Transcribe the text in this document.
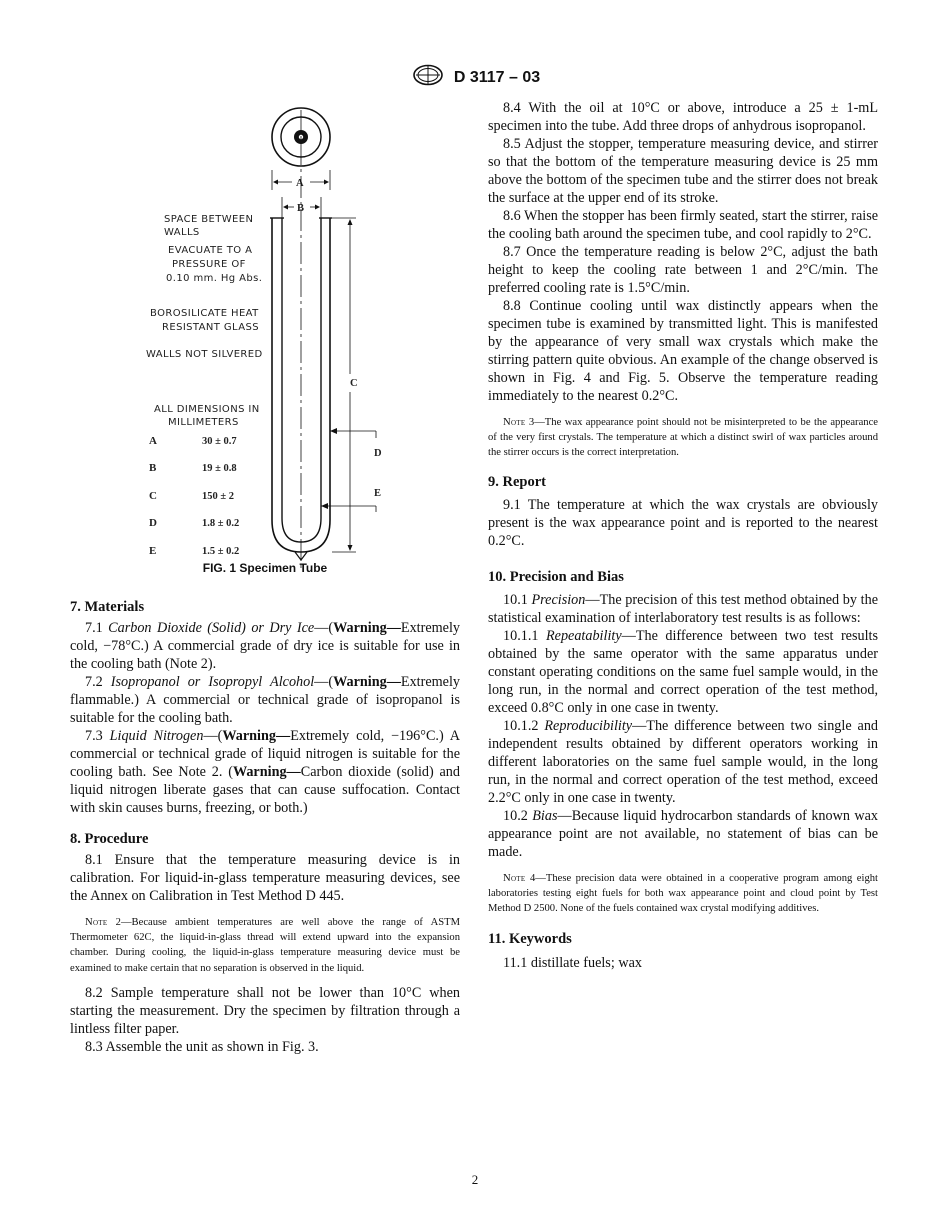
D 3117 – 03
A
B
C
D
E
SPACE BETWEEN
WALLS
EVACUATE TO A
PRESSURE OF
0.10 mm. Hg Abs.
BOROSILICATE HEAT
RESISTANT GLASS
WALLS NOT SILVERED
ALL DIMENSIONS IN
MILLIMETERS
A	30 ± 0.7
B	19 ± 0.8
C	150 ± 2
D	1.8 ± 0.2
E	1.5 ± 0.2
FIG. 1 Specimen Tube
7. Materials

7.1 Carbon Dioxide (Solid) or Dry Ice—(Warning—Extremely cold, −78°C.) A commercial grade of dry ice is suitable for use in the cooling bath (Note 2).

7.2 Isopropanol or Isopropyl Alcohol—(Warning—Extremely flammable.) A commercial or technical grade of isopropanol is suitable for the cooling bath.

7.3 Liquid Nitrogen—(Warning—Extremely cold, −196°C.) A commercial or technical grade of liquid nitrogen is suitable for the cooling bath. See Note 2. (Warning—Carbon dioxide (solid) and liquid nitrogen liberate gases that can cause suffocation. Contact with skin causes burns, freezing, or both.)

8. Procedure

8.1 Ensure that the temperature measuring device is in calibration. For liquid-in-glass temperature measuring devices, see the Annex on Calibration in Test Method D 445.

Note 2—Because ambient temperatures are well above the range of ASTM Thermometer 62C, the liquid-in-glass thread will extend upward into the expansion chamber. During cooling, the liquid-in-glass temperature measuring device must be examined to make certain that no separation is observed in the liquid.

8.2 Sample temperature shall not be lower than 10°C when starting the measurement. Dry the specimen by filtration through a lintless filter paper.

8.3 Assemble the unit as shown in Fig. 3.

8.4 With the oil at 10°C or above, introduce a 25 ± 1-mL specimen into the tube. Add three drops of anhydrous isopropanol.

8.5 Adjust the stopper, temperature measuring device, and stirrer so that the bottom of the temperature measuring device is 25 mm above the bottom of the specimen tube and the stirrer does not break the surface at the upper end of its stroke.

8.6 When the stopper has been firmly seated, start the stirrer, raise the cooling bath around the specimen tube, and cool rapidly to 2°C.

8.7 Once the temperature reading is below 2°C, adjust the bath height to keep the cooling rate between 1 and 2°C/min. The preferred cooling rate is 1.5°C/min.

8.8 Continue cooling until wax distinctly appears when the specimen tube is examined by transmitted light. This is manifested by the appearance of very small wax crystals which make the stirring pattern quite obvious. An example of the change observed is shown in Fig. 4 and Fig. 5. Observe the temperature reading immediately to the nearest 0.2°C.

Note 3—The wax appearance point should not be misinterpreted to be the appearance of the very first crystals. The temperature at which a distinct swirl of wax particles around the stirrer occurs is the correct interpretation.

9. Report

9.1 The temperature at which the wax crystals are obviously present is the wax appearance point and is reported to the nearest 0.2°C.

10. Precision and Bias

10.1 Precision—The precision of this test method obtained by the statistical examination of interlaboratory test results is as follows:

10.1.1 Repeatability—The difference between two test results obtained by the same operator with the same apparatus under constant operating conditions on the same fuel sample would, in the long run, in the normal and correct operation of the test method, exceed 0.8°C only in one case in twenty.

10.1.2 Reproducibility—The difference between two single and independent results obtained by different operators working in different laboratories on the same fuel sample would, in the long run, in the normal and correct operation of the test method, exceed 2.2°C only in one case in twenty.

10.2 Bias—Because liquid hydrocarbon standards of known wax appearance point are not available, no statement of bias can be made.

Note 4—These precision data were obtained in a cooperative program among eight laboratories testing eight fuels for both wax appearance point and cloud point by Test Method D 2500. None of the fuels contained wax crystal modifying additives.

11. Keywords

11.1 distillate fuels; wax

2
